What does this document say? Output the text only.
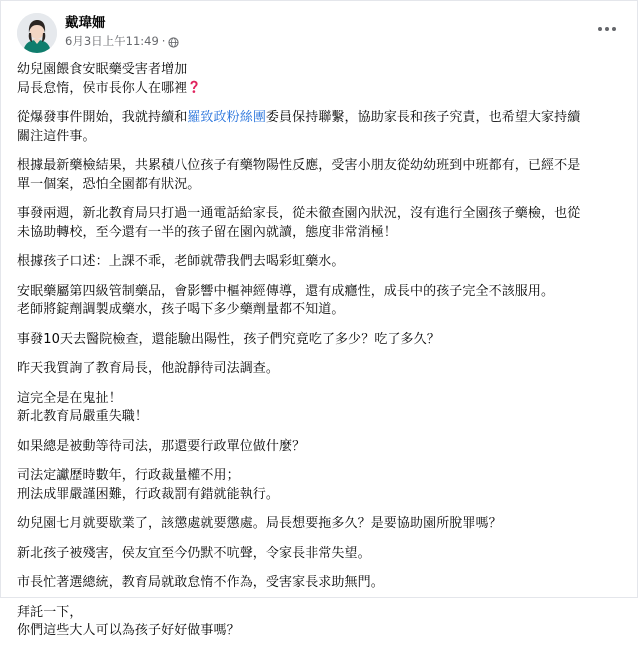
戴瑋姍
6月3日上午11:49 ·

幼兒園餵食安眠藥受害者增加
局長怠惰，侯市長你人在哪裡

從爆發事件開始，我就持續和羅致政粉絲團委員保持聯繫，協助家長和孩子究責，也希望大家持續
關注這件事。

根據最新藥檢結果，共累積八位孩子有藥物陽性反應，受害小朋友從幼幼班到中班都有，已經不是
單一個案，恐怕全園都有狀況。

事發兩週，新北教育局只打過一通電話給家長，從未徹查園內狀況，沒有進行全園孩子藥檢，也從
未協助轉校，至今還有一半的孩子留在園內就讀，態度非常消極！

根據孩子口述：上課不乖，老師就帶我們去喝彩虹藥水。

安眠藥屬第四級管制藥品，會影響中樞神經傳導，還有成癮性，成長中的孩子完全不該服用。
老師將錠劑調製成藥水，孩子喝下多少藥劑量都不知道。

事發10天去醫院檢查，還能驗出陽性，孩子們究竟吃了多少？吃了多久？

昨天我質詢了教育局長，他說靜待司法調查。

這完全是在鬼扯！
新北教育局嚴重失職！

如果總是被動等待司法，那還要行政單位做什麼？

司法定讞歷時數年，行政裁量權不用；
刑法成罪嚴謹困難，行政裁罰有錯就能執行。

幼兒園七月就要歇業了，該懲處就要懲處。局長想要拖多久？是要協助園所脫罪嗎？

新北孩子被殘害，侯友宜至今仍默不吭聲，令家長非常失望。

市長忙著選總統，教育局就敢怠惰不作為，受害家長求助無門。

拜託一下，
你們這些大人可以為孩子好好做事嗎？
